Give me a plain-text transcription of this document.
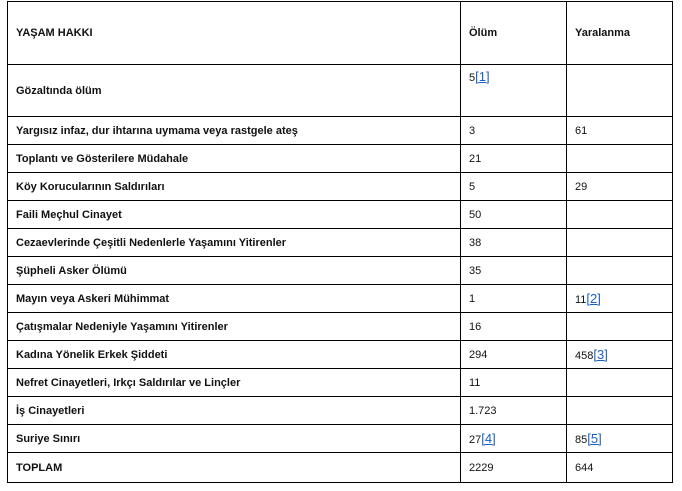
YAŞAM HAKKI	Ölüm	Yaralanma
Gözaltında ölüm	5[1]	
Yargısız infaz, dur ihtarına uymama veya rastgele ateş	3	61
Toplantı ve Gösterilere Müdahale	21	
Köy Korucularının Saldırıları	5	29
Faili Meçhul Cinayet	50	
Cezaevlerinde Çeşitli Nedenlerle Yaşamını Yitirenler	38	
Şüpheli Asker Ölümü	35	
Mayın veya Askeri Mühimmat	1	11[2]
Çatışmalar Nedeniyle Yaşamını Yitirenler	16	
Kadına Yönelik Erkek Şiddeti	294	458[3]
Nefret Cinayetleri, Irkçı Saldırılar ve Linçler	11	
İş Cinayetleri	1.723	
Suriye Sınırı	27[4]	85[5]
TOPLAM	2229	644
